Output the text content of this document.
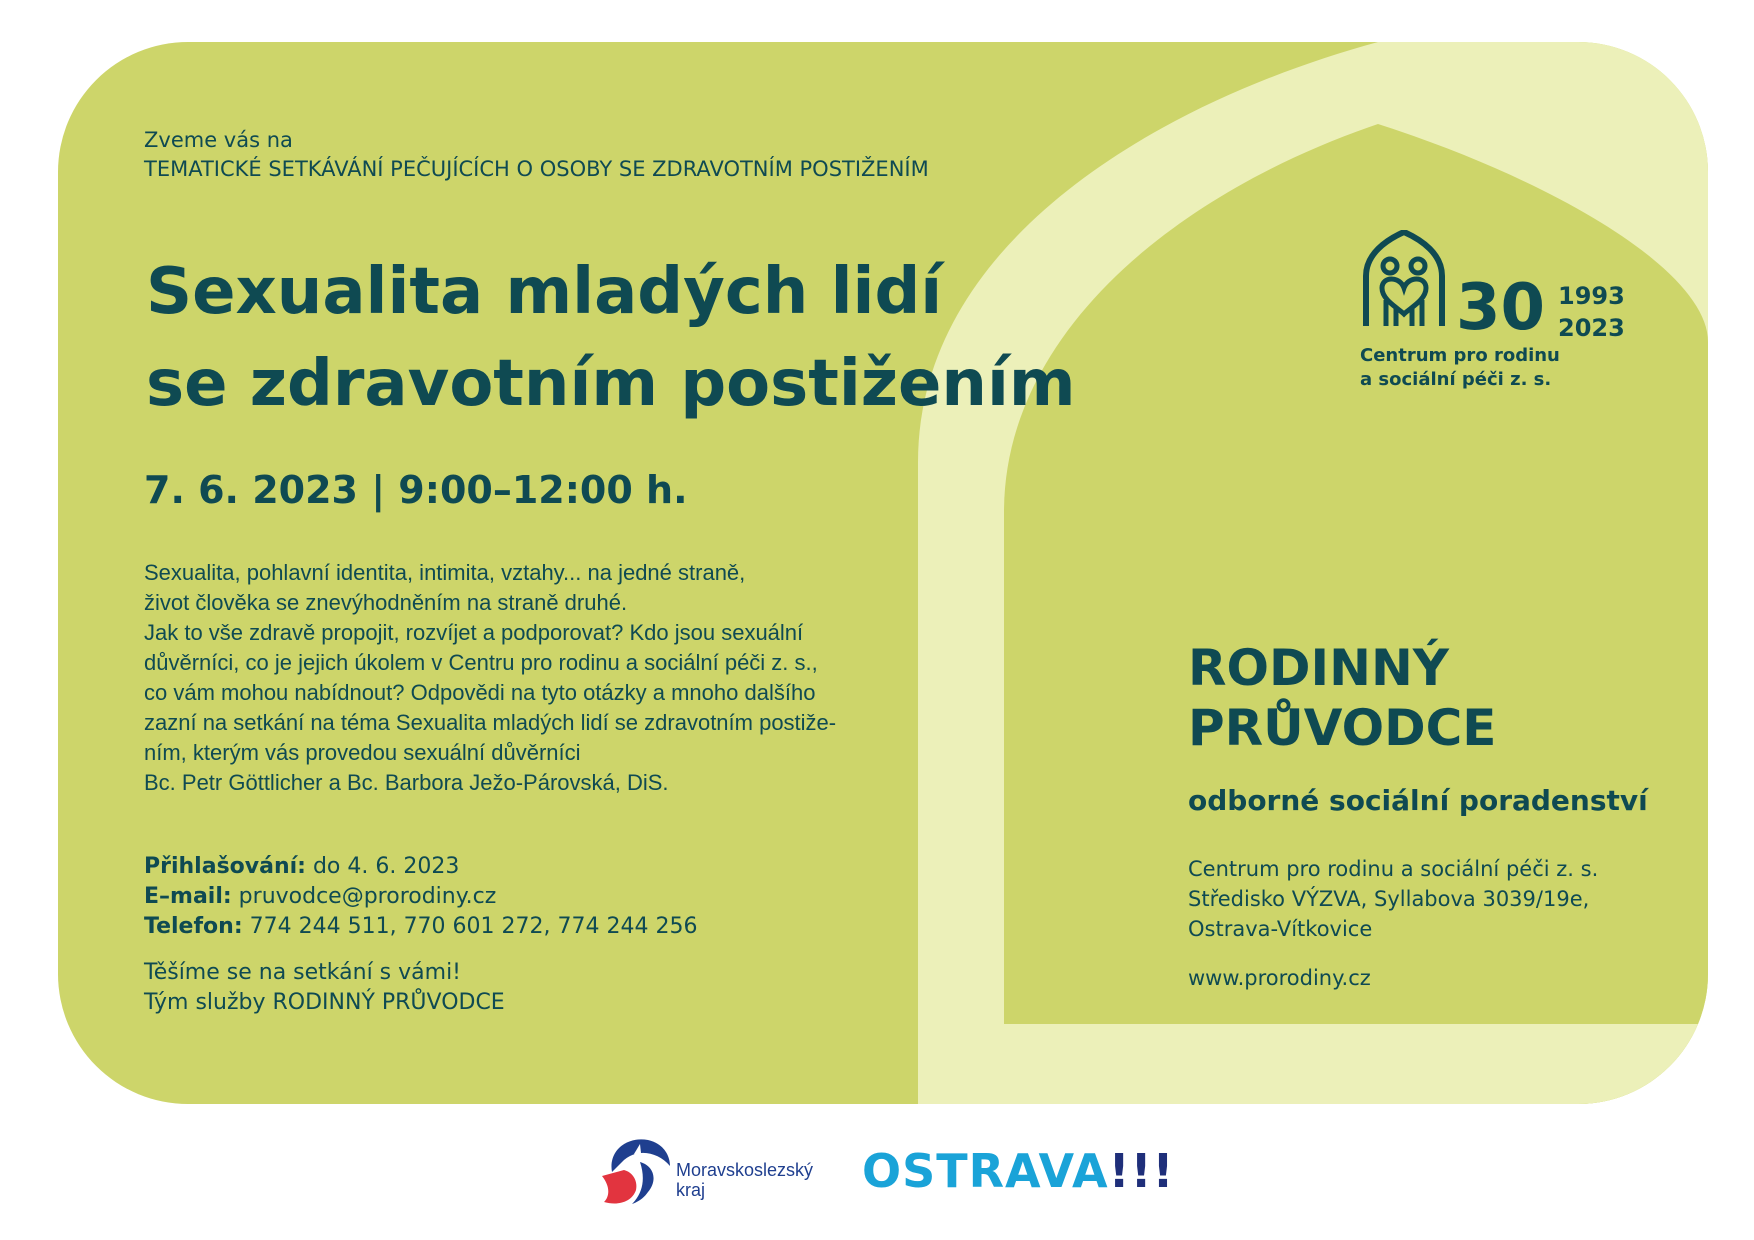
Zveme vás na
TEMATICKÉ SETKÁVÁNÍ PEČUJÍCÍCH O OSOBY SE ZDRAVOTNÍM POSTIŽENÍM
Sexualita mladých lidí
se zdravotním postižením
7. 6. 2023 | 9:00–12:00 h.
Sexualita, pohlavní identita, intimita, vztahy... na jedné straně,
život člověka se znevýhodněním na straně druhé.
Jak to vše zdravě propojit, rozvíjet a podporovat? Kdo jsou sexuální
důvěrníci, co je jejich úkolem v Centru pro rodinu a sociální péči z. s.,
co vám mohou nabídnout? Odpovědi na tyto otázky a mnoho dalšího
zazní na setkání na téma Sexualita mladých lidí se zdravotním postiže-
ním, kterým vás provedou sexuální důvěrníci
Bc. Petr Göttlicher a Bc. Barbora Ježo-Párovská, DiS.
Přihlašování: do 4. 6. 2023
E–mail: pruvodce@prorodiny.cz
Telefon: 774 244 511, 770 601 272, 774 244 256
Těšíme se na setkání s vámi!
Tým služby RODINNÝ PRŮVODCE
30 1993
2023
Centrum pro rodinu
a sociální péči z. s.
RODINNÝ
PRŮVODCE
odborné sociální poradenství
Centrum pro rodinu a sociální péči z. s.
Středisko VÝZVA, Syllabova 3039/19e,
Ostrava-Vítkovice
www.prorodiny.cz
Moravskoslezský
kraj	OSTRAVA!!!
